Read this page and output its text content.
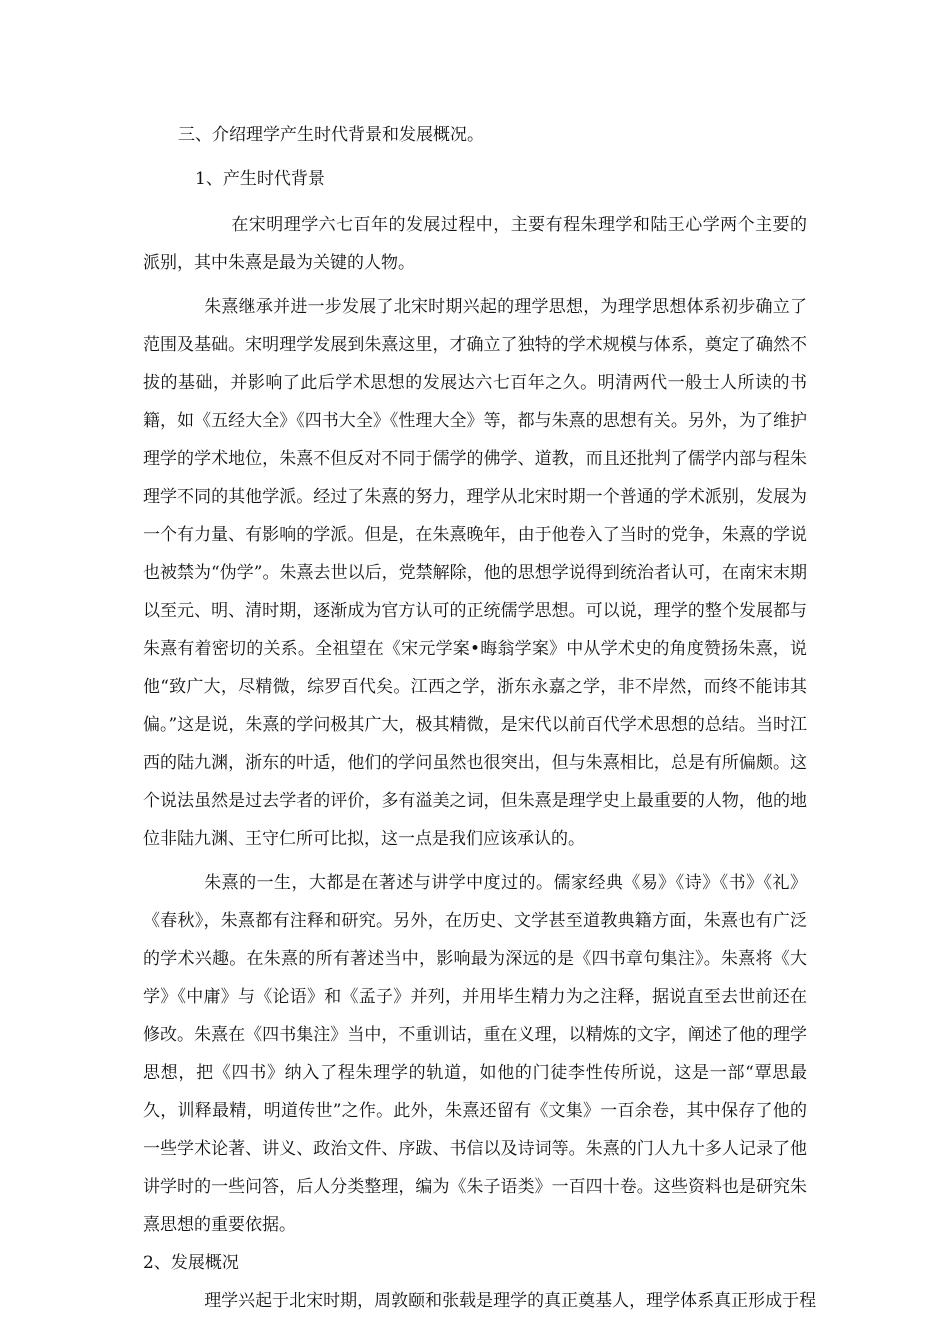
三、介绍理学产生时代背景和发展概况。

1、产生时代背景

在宋明理学六七百年的发展过程中，主要有程朱理学和陆王心学两个主要的派别，其中朱熹是最为关键的人物。

朱熹继承并进一步发展了北宋时期兴起的理学思想，为理学思想体系初步确立了范围及基础。宋明理学发展到朱熹这里，才确立了独特的学术规模与体系，奠定了确然不拔的基础，并影响了此后学术思想的发展达六七百年之久。明清两代一般士人所读的书籍，如《五经大全》《四书大全》《性理大全》等，都与朱熹的思想有关。另外，为了维护理学的学术地位，朱熹不但反对不同于儒学的佛学、道教，而且还批判了儒学内部与程朱理学不同的其他学派。经过了朱熹的努力，理学从北宋时期一个普通的学术派别，发展为一个有力量、有影响的学派。但是，在朱熹晚年，由于他卷入了当时的党争，朱熹的学说也被禁为“伪学”。朱熹去世以后，党禁解除，他的思想学说得到统治者认可，在南宋末期以至元、明、清时期，逐渐成为官方认可的正统儒学思想。可以说，理学的整个发展都与朱熹有着密切的关系。全祖望在《宋元学案•晦翁学案》中从学术史的角度赞扬朱熹，说他“致广大，尽精微，综罗百代矣。江西之学，浙东永嘉之学，非不岸然，而终不能讳其偏。”这是说，朱熹的学问极其广大，极其精微，是宋代以前百代学术思想的总结。当时江西的陆九渊，浙东的叶适，他们的学问虽然也很突出，但与朱熹相比，总是有所偏颇。这个说法虽然是过去学者的评价，多有溢美之词，但朱熹是理学史上最重要的人物，他的地位非陆九渊、王守仁所可比拟，这一点是我们应该承认的。

朱熹的一生，大都是在著述与讲学中度过的。儒家经典《易》《诗》《书》《礼》《春秋》，朱熹都有注释和研究。另外，在历史、文学甚至道教典籍方面，朱熹也有广泛的学术兴趣。在朱熹的所有著述当中，影响最为深远的是《四书章句集注》。朱熹将《大学》《中庸》与《论语》和《孟子》并列，并用毕生精力为之注释，据说直至去世前还在修改。朱熹在《四书集注》当中，不重训诂，重在义理，以精炼的文字，阐述了他的理学思想，把《四书》纳入了程朱理学的轨道，如他的门徒李性传所说，这是一部“覃思最久，训释最精，明道传世”之作。此外，朱熹还留有《文集》一百余卷，其中保存了他的一些学术论著、讲义、政治文件、序跋、书信以及诗词等。朱熹的门人九十多人记录了他讲学时的一些问答，后人分类整理，编为《朱子语类》一百四十卷。这些资料也是研究朱熹思想的重要依据。

2、发展概况

理学兴起于北宋时期，周敦颐和张载是理学的真正奠基人，理学体系真正形成于程
